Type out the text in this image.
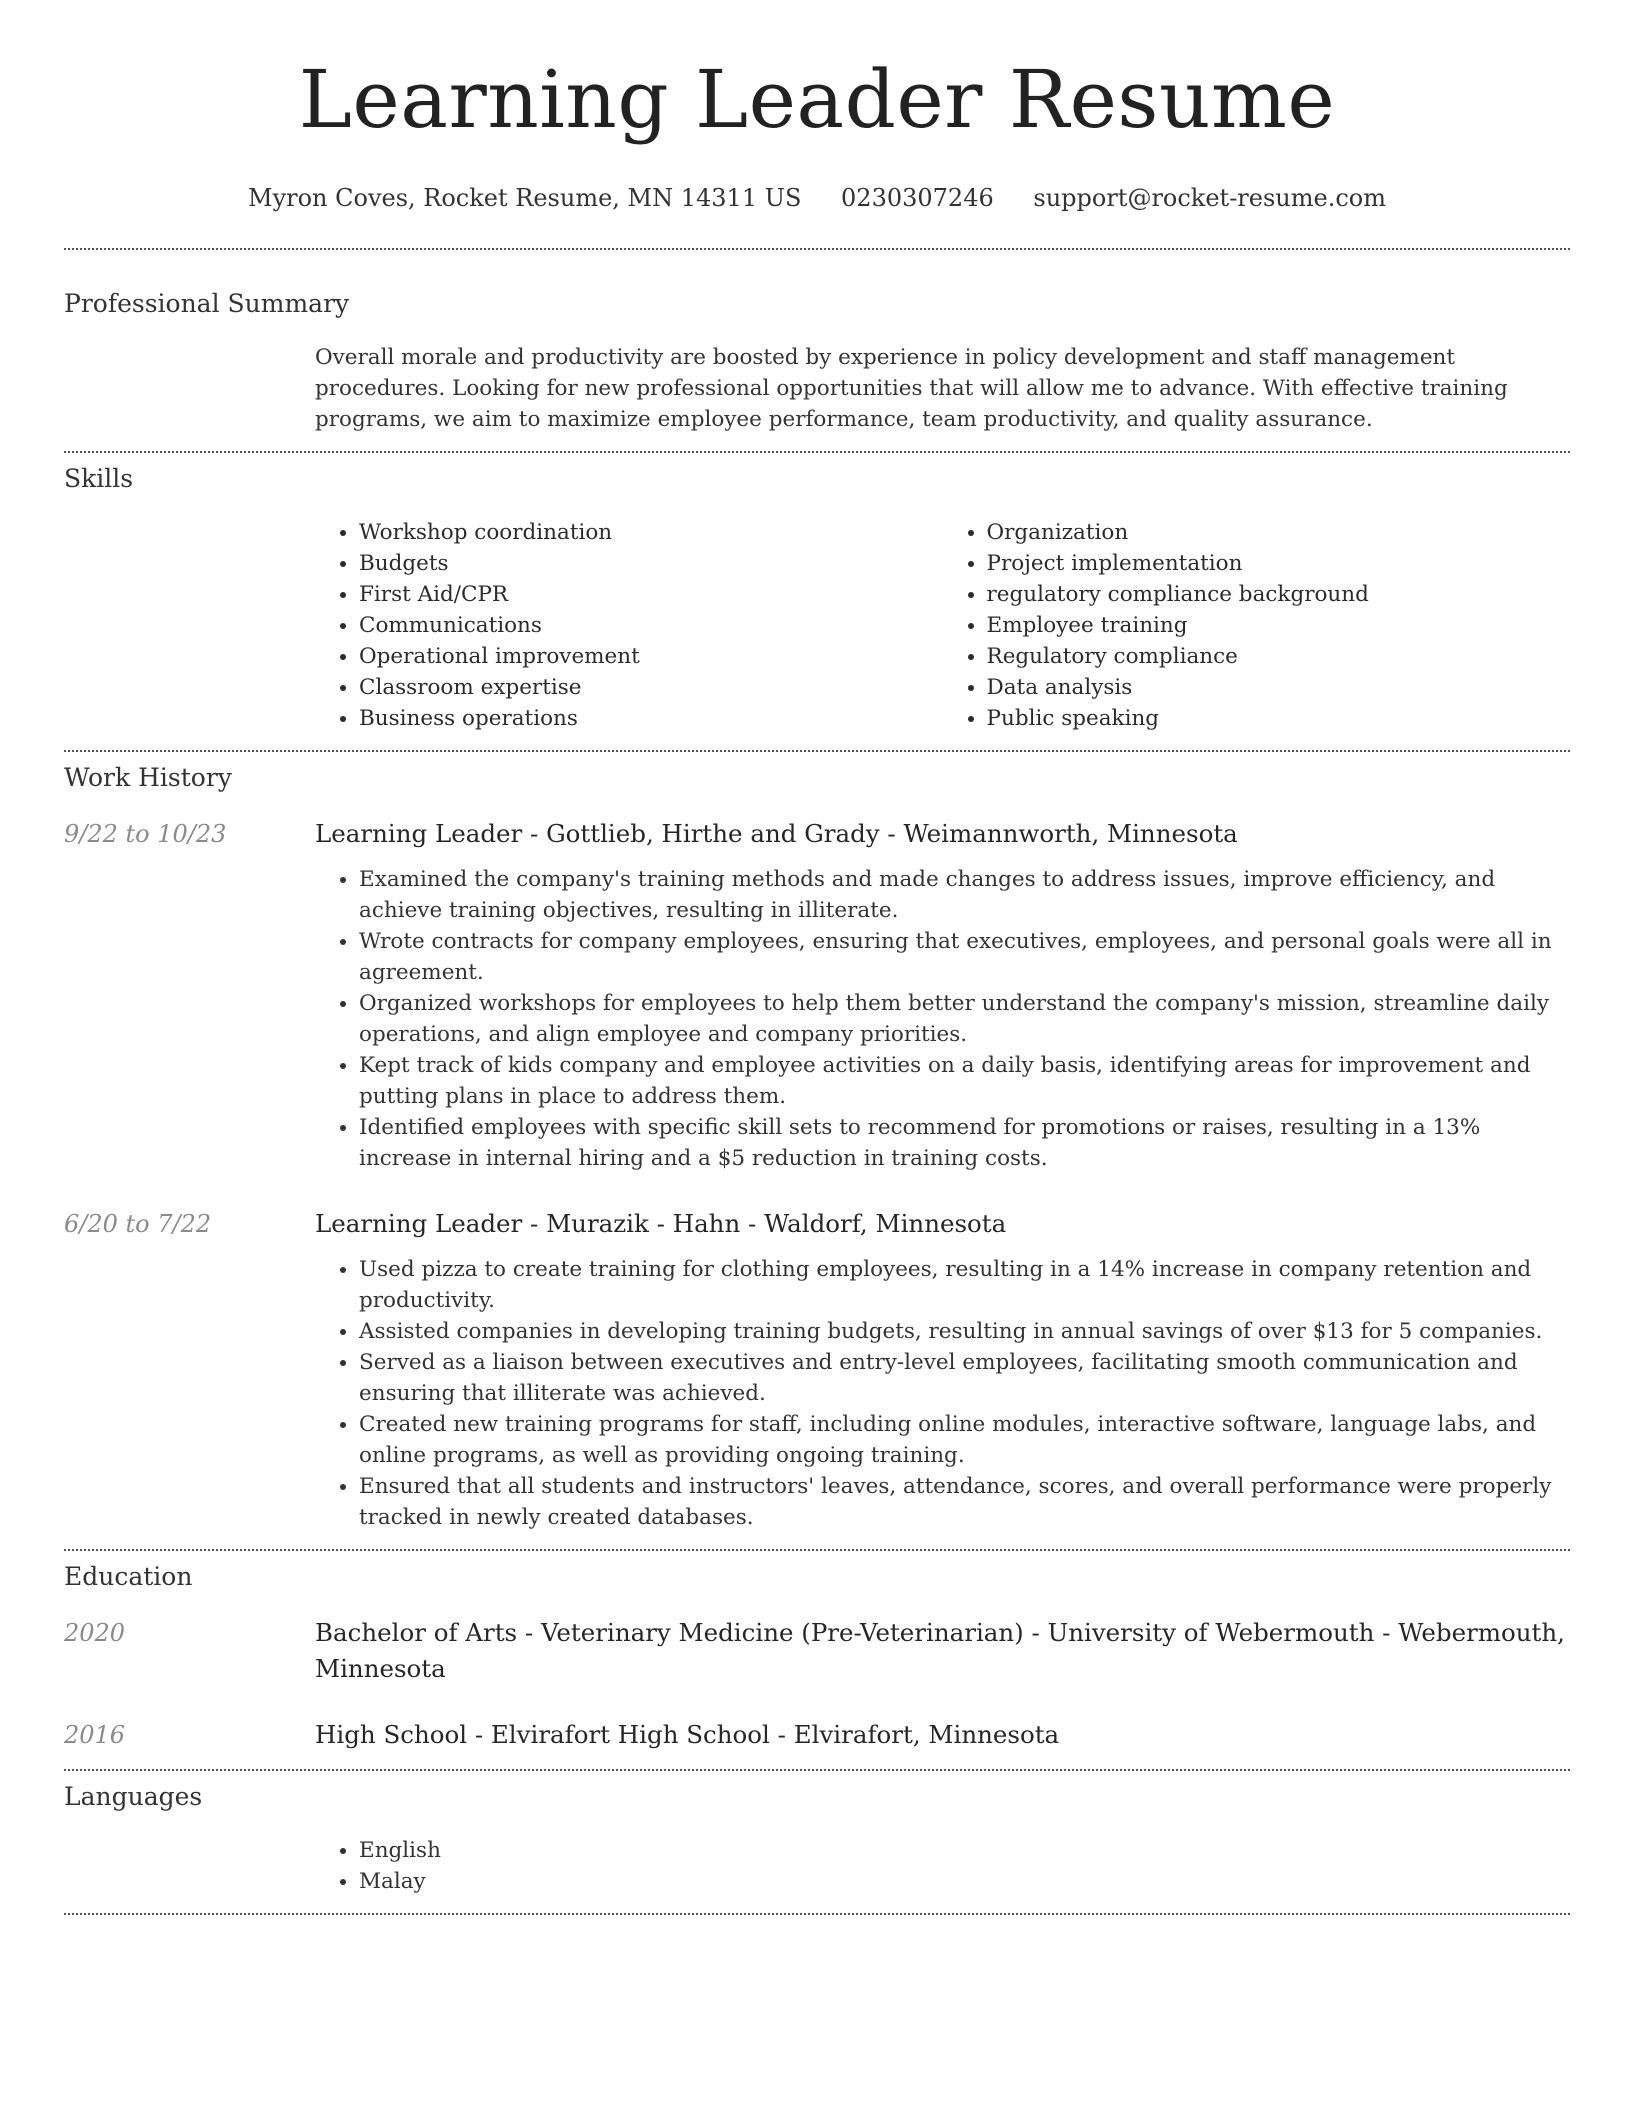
Learning Leader Resume
Myron Coves, Rocket Resume, MN 14311 US 0230307246 support@rocket-resume.com
Professional Summary

Overall morale and productivity are boosted by experience in policy development and staff management procedures. Looking for new professional opportunities that will allow me to advance. With effective training programs, we aim to maximize employee performance, team productivity, and quality assurance.

Skills
• Workshop coordination
• Budgets
• First Aid/CPR
• Communications
• Operational improvement
• Classroom expertise
• Business operations
• Organization
• Project implementation
• regulatory compliance background
• Employee training
• Regulatory compliance
• Data analysis
• Public speaking
Work History
9/22 to 10/23	Learning Leader - Gottlieb, Hirthe and Grady - Weimannworth, Minnesota
• Examined the company's training methods and made changes to address issues, improve efficiency, and achieve training objectives, resulting in illiterate.
• Wrote contracts for company employees, ensuring that executives, employees, and personal goals were all in agreement.
• Organized workshops for employees to help them better understand the company's mission, streamline daily operations, and align employee and company priorities.
• Kept track of kids company and employee activities on a daily basis, identifying areas for improvement and putting plans in place to address them.
• Identified employees with specific skill sets to recommend for promotions or raises, resulting in a 13% increase in internal hiring and a $5 reduction in training costs.
6/20 to 7/22	Learning Leader - Murazik - Hahn - Waldorf, Minnesota
• Used pizza to create training for clothing employees, resulting in a 14% increase in company retention and productivity.
• Assisted companies in developing training budgets, resulting in annual savings of over $13 for 5 companies.
• Served as a liaison between executives and entry-level employees, facilitating smooth communication and ensuring that illiterate was achieved.
• Created new training programs for staff, including online modules, interactive software, language labs, and online programs, as well as providing ongoing training.
• Ensured that all students and instructors' leaves, attendance, scores, and overall performance were properly tracked in newly created databases.
Education
2020	Bachelor of Arts - Veterinary Medicine (Pre-Veterinarian) - University of Webermouth - Webermouth, Minnesota
2016	High School - Elvirafort High School - Elvirafort, Minnesota
Languages
• English
• Malay
